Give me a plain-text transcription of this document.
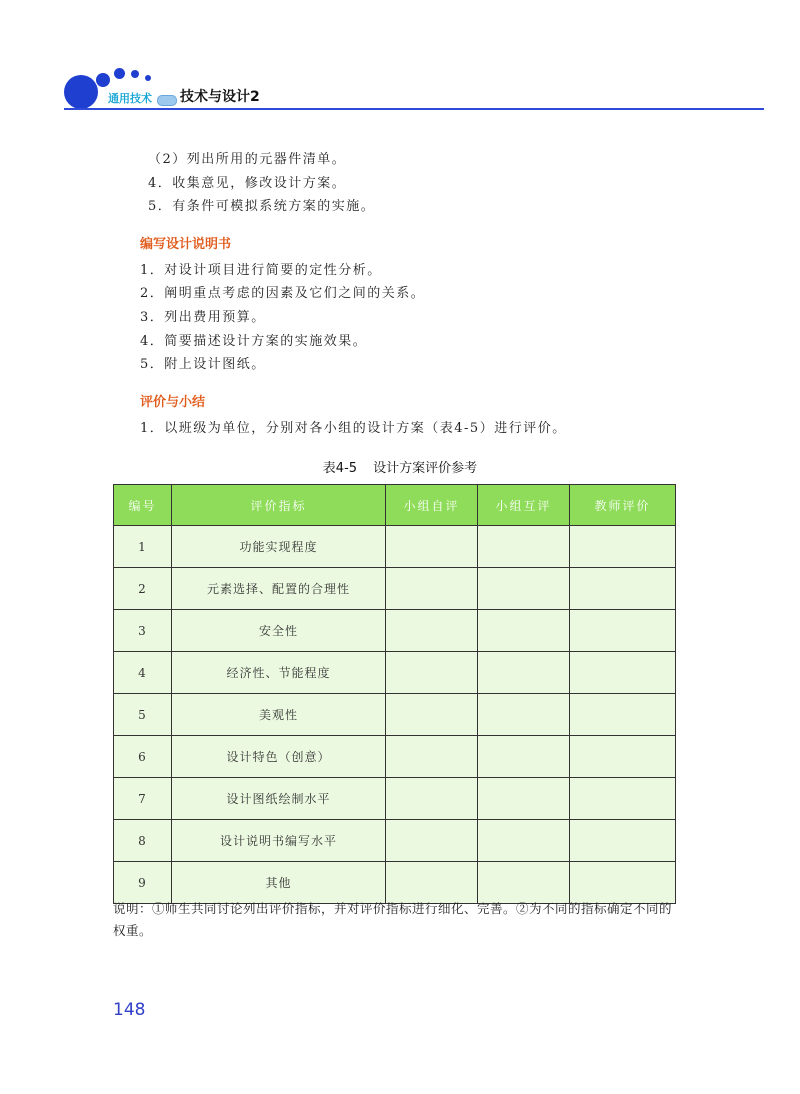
通用技术	技术与设计2
（2）列出所用的元器件清单。
4．收集意见，修改设计方案。
5．有条件可模拟系统方案的实施。
编写设计说明书
1．对设计项目进行简要的定性分析。
2．阐明重点考虑的因素及它们之间的关系。
3．列出费用预算。
4．简要描述设计方案的实施效果。
5．附上设计图纸。
评价与小结
1．以班级为单位，分别对各小组的设计方案（表4-5）进行评价。
表4-5 设计方案评价参考
编号	评价指标	小组自评	小组互评	教师评价
1	功能实现程度			
2	元素选择、配置的合理性			
3	安全性			
4	经济性、节能程度			
5	美观性			
6	设计特色（创意）			
7	设计图纸绘制水平			
8	设计说明书编写水平			
9	其他			
说明：①师生共同讨论列出评价指标，并对评价指标进行细化、完善。②为不同的指标确定不同的权重。
148
